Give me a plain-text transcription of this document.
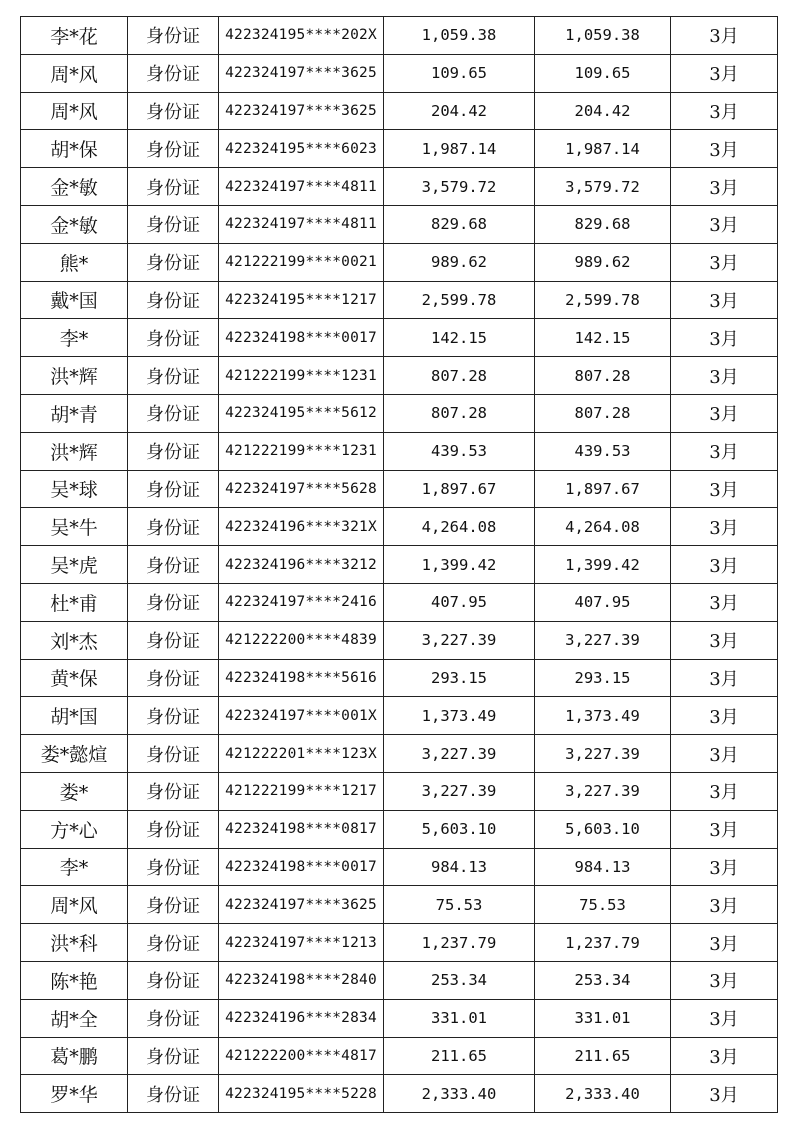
李*花	身份证	422324195****202X	1,059.38	1,059.38	3月
周*风	身份证	422324197****3625	109.65	109.65	3月
周*风	身份证	422324197****3625	204.42	204.42	3月
胡*保	身份证	422324195****6023	1,987.14	1,987.14	3月
金*敏	身份证	422324197****4811	3,579.72	3,579.72	3月
金*敏	身份证	422324197****4811	829.68	829.68	3月
熊*	身份证	421222199****0021	989.62	989.62	3月
戴*国	身份证	422324195****1217	2,599.78	2,599.78	3月
李*	身份证	422324198****0017	142.15	142.15	3月
洪*辉	身份证	421222199****1231	807.28	807.28	3月
胡*青	身份证	422324195****5612	807.28	807.28	3月
洪*辉	身份证	421222199****1231	439.53	439.53	3月
吴*球	身份证	422324197****5628	1,897.67	1,897.67	3月
吴*牛	身份证	422324196****321X	4,264.08	4,264.08	3月
吴*虎	身份证	422324196****3212	1,399.42	1,399.42	3月
杜*甫	身份证	422324197****2416	407.95	407.95	3月
刘*杰	身份证	421222200****4839	3,227.39	3,227.39	3月
黄*保	身份证	422324198****5616	293.15	293.15	3月
胡*国	身份证	422324197****001X	1,373.49	1,373.49	3月
娄*懿煊	身份证	421222201****123X	3,227.39	3,227.39	3月
娄*	身份证	421222199****1217	3,227.39	3,227.39	3月
方*心	身份证	422324198****0817	5,603.10	5,603.10	3月
李*	身份证	422324198****0017	984.13	984.13	3月
周*风	身份证	422324197****3625	75.53	75.53	3月
洪*科	身份证	422324197****1213	1,237.79	1,237.79	3月
陈*艳	身份证	422324198****2840	253.34	253.34	3月
胡*全	身份证	422324196****2834	331.01	331.01	3月
葛*鹏	身份证	421222200****4817	211.65	211.65	3月
罗*华	身份证	422324195****5228	2,333.40	2,333.40	3月
